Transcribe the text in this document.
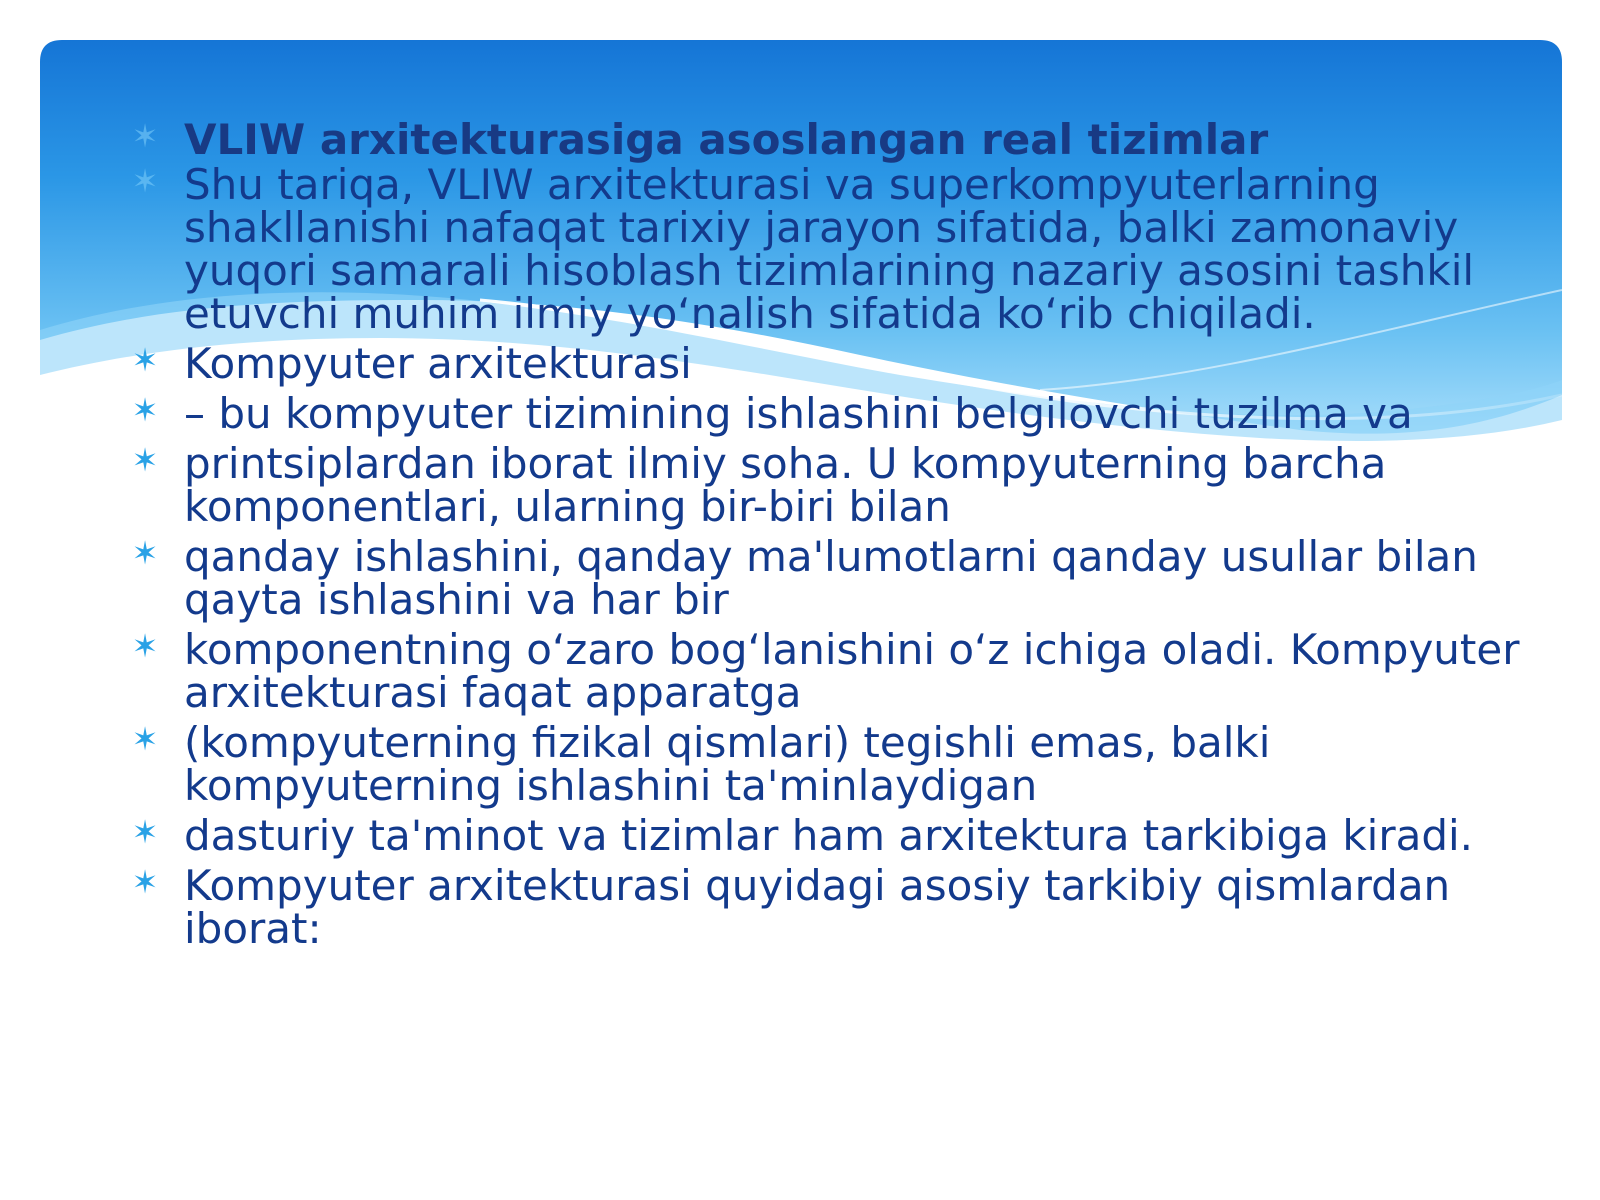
✶ VLIW arxitekturasiga asoslangan real tizimlar
✶ Shu tariqa, VLIW arxitekturasi va superkompyuterlarning shakllanishi nafaqat tarixiy jarayon sifatida, balki zamonaviy yuqori samarali hisoblash tizimlarining nazariy asosini tashkil etuvchi muhim ilmiy yo‘nalish sifatida ko‘rib chiqiladi.
✶ Kompyuter arxitekturasi
✶ – bu kompyuter tizimining ishlashini belgilovchi tuzilma va
✶ printsiplardan iborat ilmiy soha. U kompyuterning barcha komponentlari, ularning bir-biri bilan
✶ qanday ishlashini, qanday ma'lumotlarni qanday usullar bilan qayta ishlashini va har bir
✶ komponentning o‘zaro bog‘lanishini o‘z ichiga oladi. Kompyuter arxitekturasi faqat apparatga
✶ (kompyuterning fizikal qismlari) tegishli emas, balki kompyuterning ishlashini ta'minlaydigan
✶ dasturiy ta'minot va tizimlar ham arxitektura tarkibiga kiradi.
✶ Kompyuter arxitekturasi quyidagi asosiy tarkibiy qismlardan iborat:
